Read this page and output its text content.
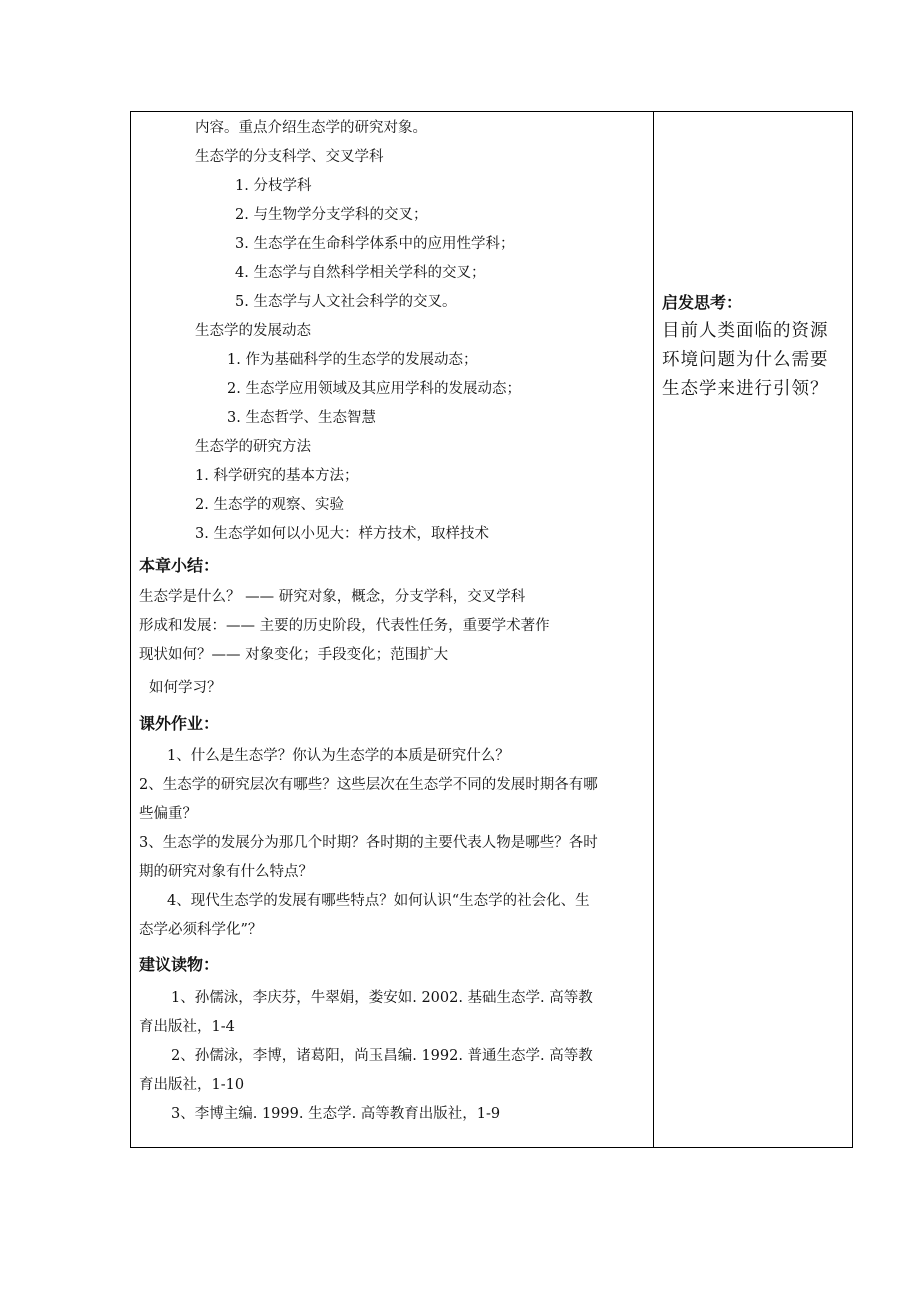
内容。重点介绍生态学的研究对象。
生态学的分支科学、交叉学科
1. 分枝学科
2. 与生物学分支学科的交叉；
3. 生态学在生命科学体系中的应用性学科；
4. 生态学与自然科学相关学科的交叉；
5. 生态学与人文社会科学的交叉。
生态学的发展动态
1. 作为基础科学的生态学的发展动态；
2. 生态学应用领域及其应用学科的发展动态；
3. 生态哲学、生态智慧
生态学的研究方法
1. 科学研究的基本方法；
2. 生态学的观察、实验
3. 生态学如何以小见大：样方技术，取样技术
本章小结：
生态学是什么？ —— 研究对象，概念，分支学科，交叉学科
形成和发展：—— 主要的历史阶段，代表性任务，重要学术著作
现状如何？—— 对象变化；手段变化；范围扩大
如何学习？
课外作业：
1、什么是生态学？你认为生态学的本质是研究什么？
2、生态学的研究层次有哪些？这些层次在生态学不同的发展时期各有哪
些偏重？
3、生态学的发展分为那几个时期？各时期的主要代表人物是哪些？各时
期的研究对象有什么特点？
4、现代生态学的发展有哪些特点？如何认识“生态学的社会化、生
态学必须科学化”？
建议读物：
1、孙儒泳，李庆芬，牛翠娟，娄安如. 2002. 基础生态学. 高等教
育出版社，1-4
2、孙儒泳，李博，诸葛阳，尚玉昌编. 1992. 普通生态学. 高等教
育出版社，1-10
3、李博主编. 1999. 生态学. 高等教育出版社，1-9
启发思考：
目前人类面临的资源
环境问题为什么需要
生态学来进行引领？
